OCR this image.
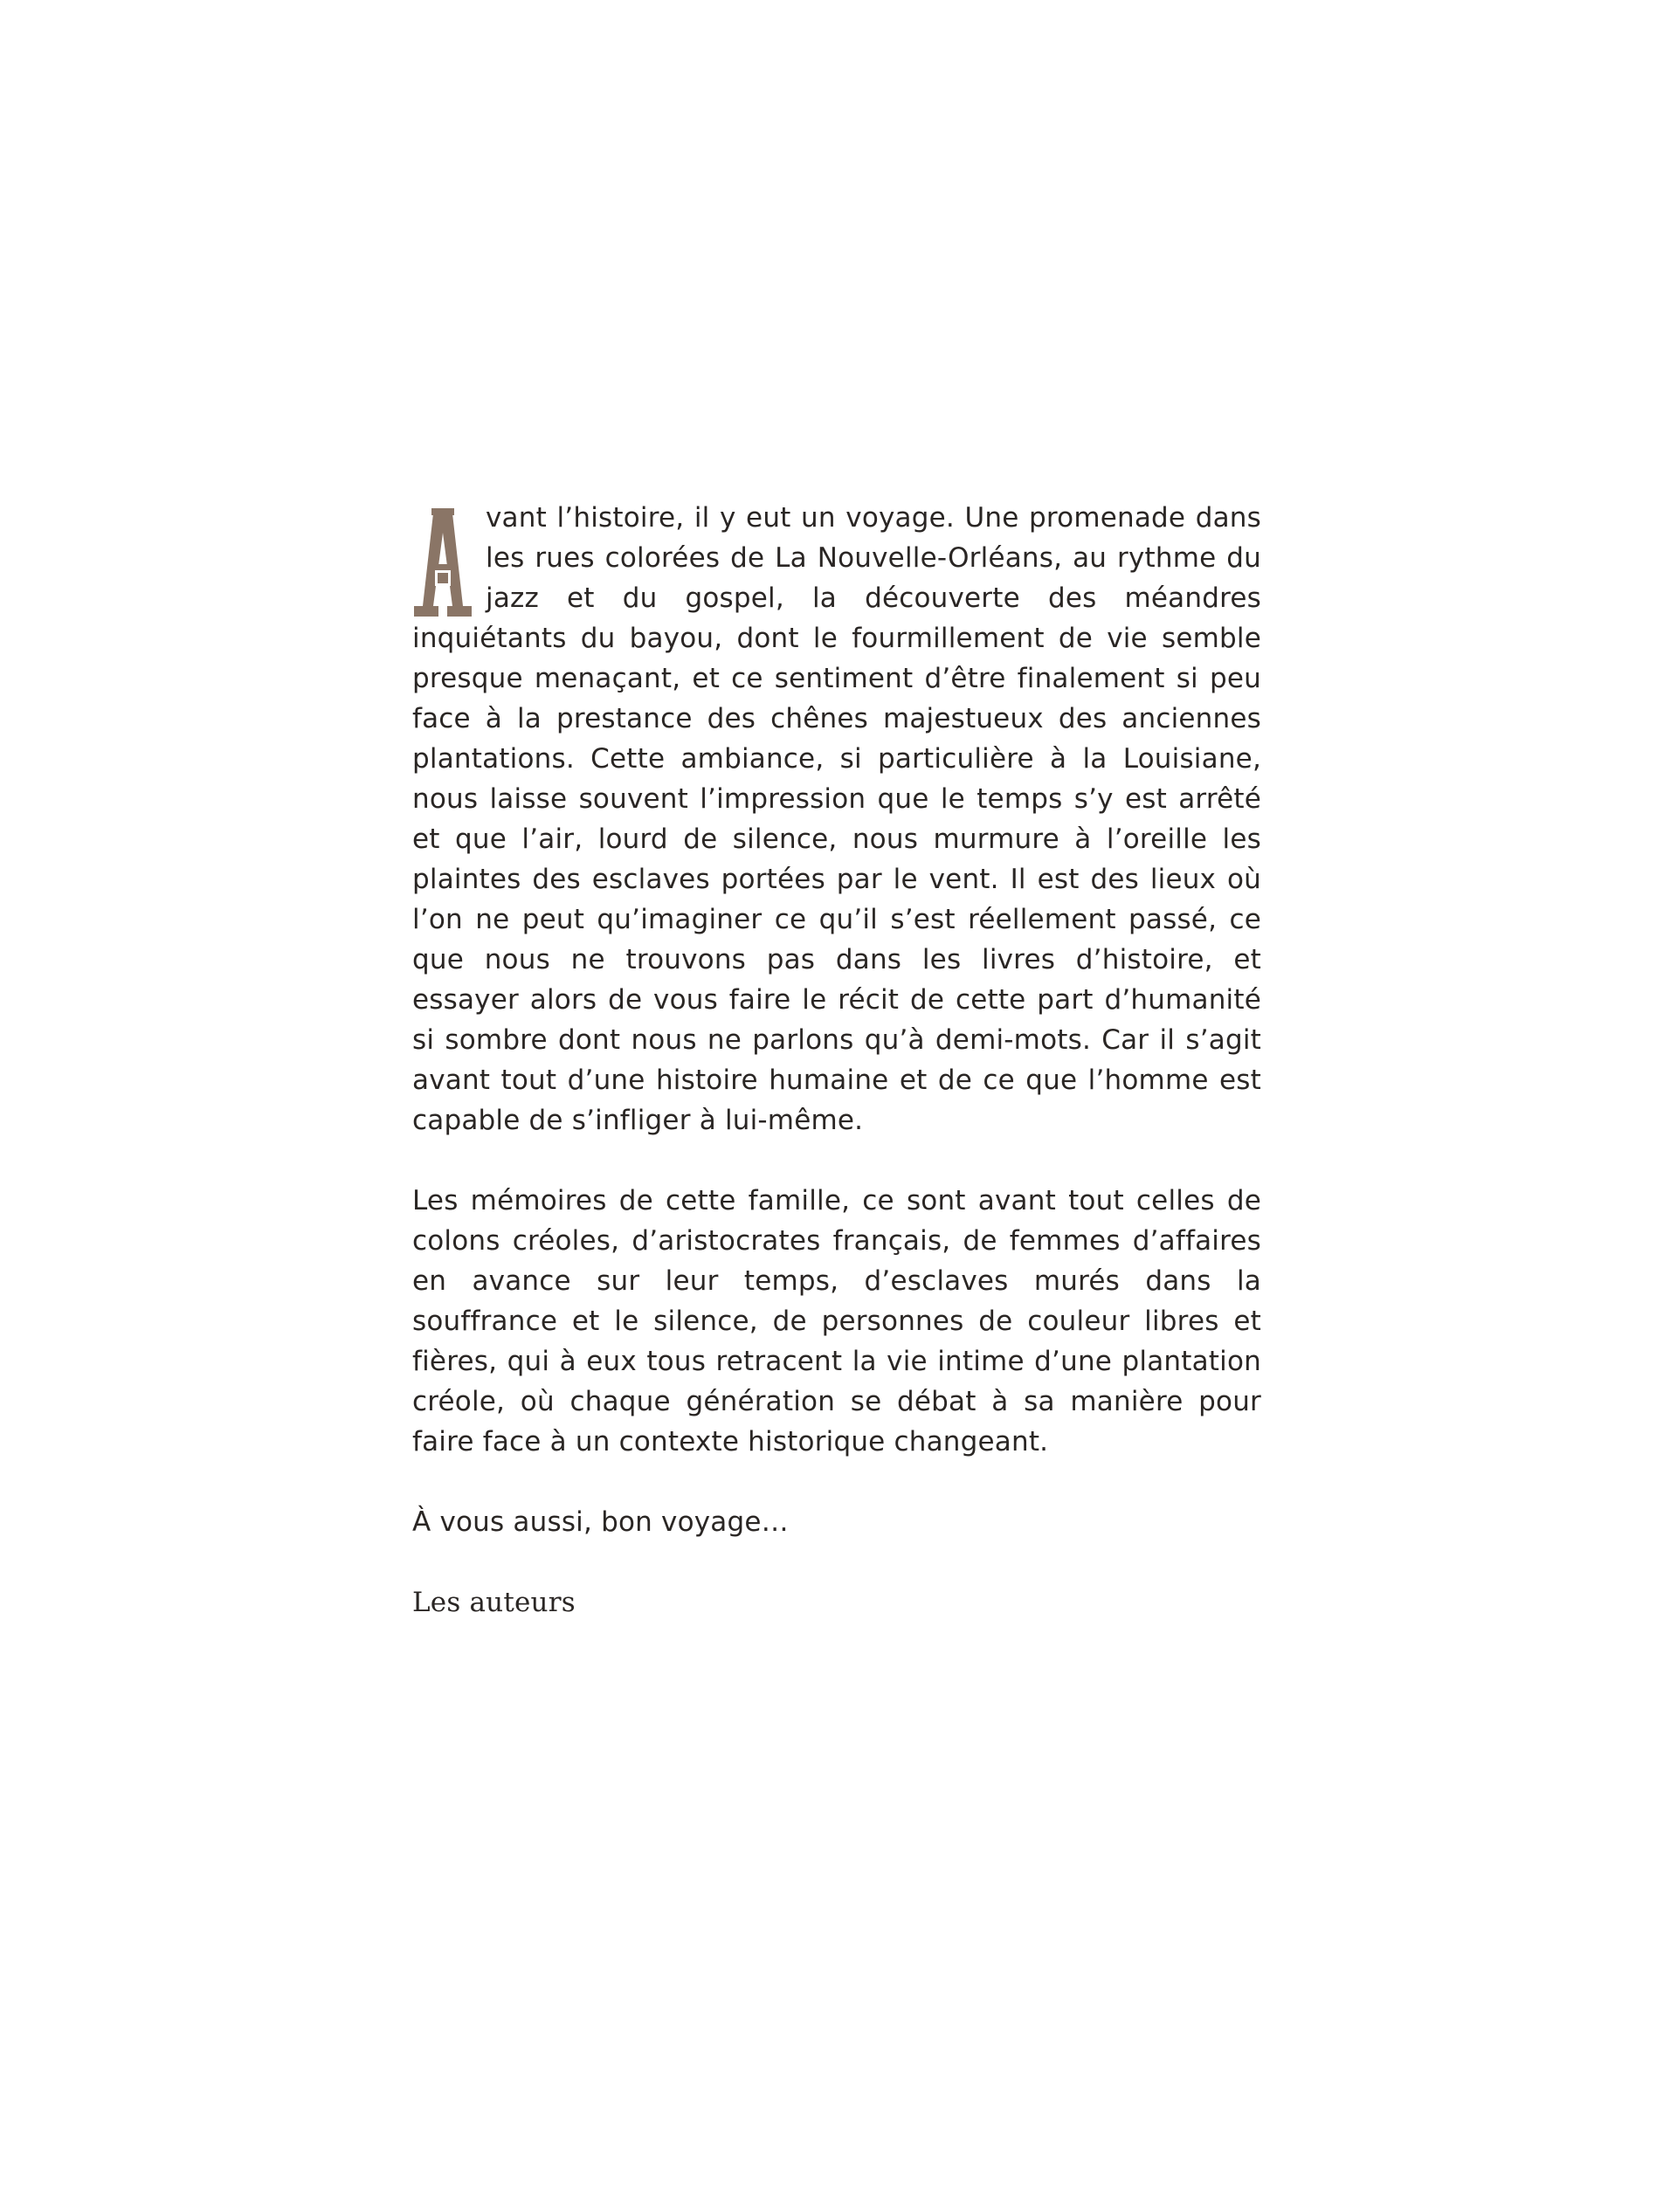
vant l’histoire, il y eut un voyage. Une promenade dans les rues colorées de La Nouvelle-Orléans, au rythme du jazz et du gospel, la découverte des méandres inquiétants du bayou, dont le fourmillement de vie semble presque menaçant, et ce sentiment d’être finalement si peu face à la prestance des chênes majestueux des anciennes plantations. Cette ambiance, si particulière à la Louisiane, nous laisse souvent l’impression que le temps s’y est arrêté et que l’air, lourd de silence, nous murmure à l’oreille les plaintes des esclaves portées par le vent. Il est des lieux où l’on ne peut qu’imaginer ce qu’il s’est réellement passé, ce que nous ne trouvons pas dans les livres d’histoire, et essayer alors de vous faire le récit de cette part d’humanité si sombre dont nous ne parlons qu’à demi-mots. Car il s’agit avant tout d’une histoire humaine et de ce que l’homme est capable de s’infliger à lui-même.

Les mémoires de cette famille, ce sont avant tout celles de colons créoles, d’aristocrates français, de femmes d’affaires en avance sur leur temps, d’esclaves murés dans la souffrance et le silence, de personnes de couleur libres et fières, qui à eux tous retracent la vie intime d’une plantation créole, où chaque génération se débat à sa manière pour faire face à un contexte historique changeant.

À vous aussi, bon voyage…

Les auteurs
